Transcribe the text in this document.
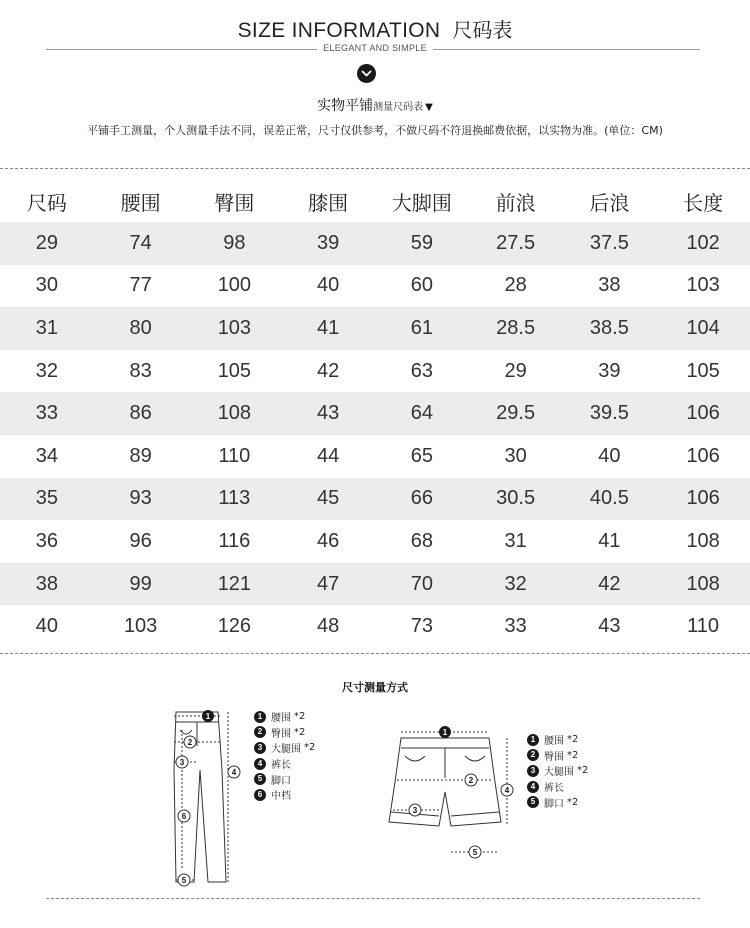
SIZE INFORMATION 尺码表
ELEGANT AND SIMPLE
实物平铺测量尺码表 ▼
平铺手工测量，个人测量手法不同，误差正常，尺寸仅供参考，不做尺码不符退换邮费依据，以实物为准。(单位：CM)
尺码	腰围	臀围	膝围	大脚围	前浪	后浪	长度
29	74	98	39	59	27.5	37.5	102
30	77	100	40	60	28	38	103
31	80	103	41	61	28.5	38.5	104
32	83	105	42	63	29	39	105
33	86	108	43	64	29.5	39.5	106
34	89	110	44	65	30	40	106
35	93	113	45	66	30.5	40.5	106
36	96	116	46	68	31	41	108
38	99	121	47	70	32	42	108
40	103	126	48	73	33	43	110
尺寸测量方式
1
2
3
4
6
5
1 腰围 *2
2 臀围 *2
3 大腿围 *2
4 裤长
5 脚口
6 中档
1
2
3
4
5
1 腰围 *2
2 臀围 *2
3 大腿围 *2
4 裤长
5 脚口 *2
